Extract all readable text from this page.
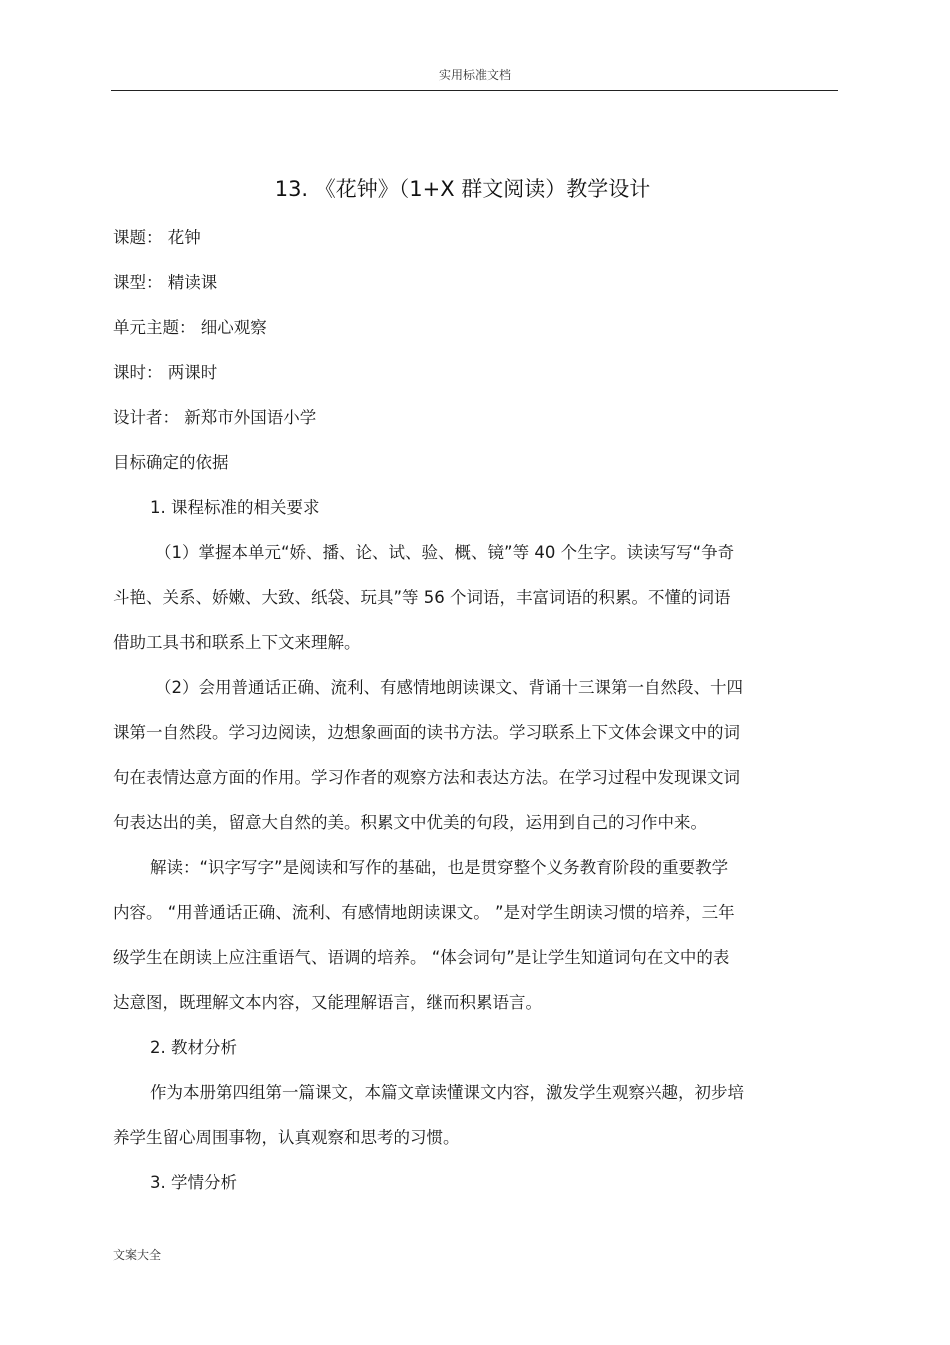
实用标准文档
13. 《花钟》（1+X 群文阅读）教学设计
课题： 花钟
课型： 精读课
单元主题： 细心观察
课时： 两课时
设计者： 新郑市外国语小学
目标确定的依据
1. 课程标准的相关要求
（1）掌握本单元“娇、播、论、试、验、概、镜”等 40 个生字。读读写写“争奇
斗艳、关系、娇嫩、大致、纸袋、玩具”等 56 个词语，丰富词语的积累。不懂的词语
借助工具书和联系上下文来理解。
（2）会用普通话正确、流利、有感情地朗读课文、背诵十三课第一自然段、十四
课第一自然段。学习边阅读，边想象画面的读书方法。学习联系上下文体会课文中的词
句在表情达意方面的作用。学习作者的观察方法和表达方法。在学习过程中发现课文词
句表达出的美，留意大自然的美。积累文中优美的句段，运用到自己的习作中来。
解读：“识字写字”是阅读和写作的基础，也是贯穿整个义务教育阶段的重要教学
内容。 “用普通话正确、流利、有感情地朗读课文。 ”是对学生朗读习惯的培养，三年
级学生在朗读上应注重语气、语调的培养。 “体会词句”是让学生知道词句在文中的表
达意图，既理解文本内容，又能理解语言，继而积累语言。
2. 教材分析
作为本册第四组第一篇课文，本篇文章读懂课文内容，激发学生观察兴趣，初步培
养学生留心周围事物，认真观察和思考的习惯。
3. 学情分析
文案大全
